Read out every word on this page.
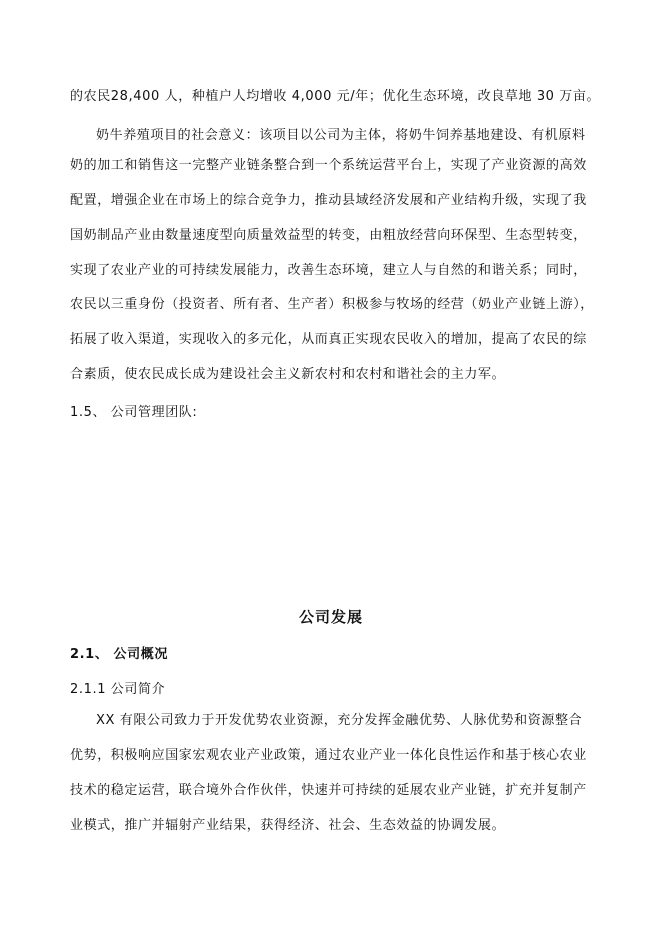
的农民28,400 人，种植户人均增收 4,000 元/年；优化生态环境，改良草地 30 万亩。
奶牛养殖项目的社会意义：该项目以公司为主体，将奶牛饲养基地建设、有机原料
奶的加工和销售这一完整产业链条整合到一个系统运营平台上，实现了产业资源的高效
配置，增强企业在市场上的综合竞争力，推动县域经济发展和产业结构升级，实现了我
国奶制品产业由数量速度型向质量效益型的转变，由粗放经营向环保型、生态型转变，
实现了农业产业的可持续发展能力，改善生态环境，建立人与自然的和谐关系；同时，
农民以三重身份（投资者、所有者、生产者）积极参与牧场的经营（奶业产业链上游），
拓展了收入渠道，实现收入的多元化，从而真正实现农民收入的增加，提高了农民的综
合素质，使农民成长成为建设社会主义新农村和农村和谐社会的主力军。
1.5、 公司管理团队:
公司发展
2.1、 公司概况
2.1.1 公司简介
XX 有限公司致力于开发优势农业资源，充分发挥金融优势、人脉优势和资源整合
优势，积极响应国家宏观农业产业政策，通过农业产业一体化良性运作和基于核心农业
技术的稳定运营，联合境外合作伙伴，快速并可持续的延展农业产业链，扩充并复制产
业模式，推广并辐射产业结果，获得经济、社会、生态效益的协调发展。
